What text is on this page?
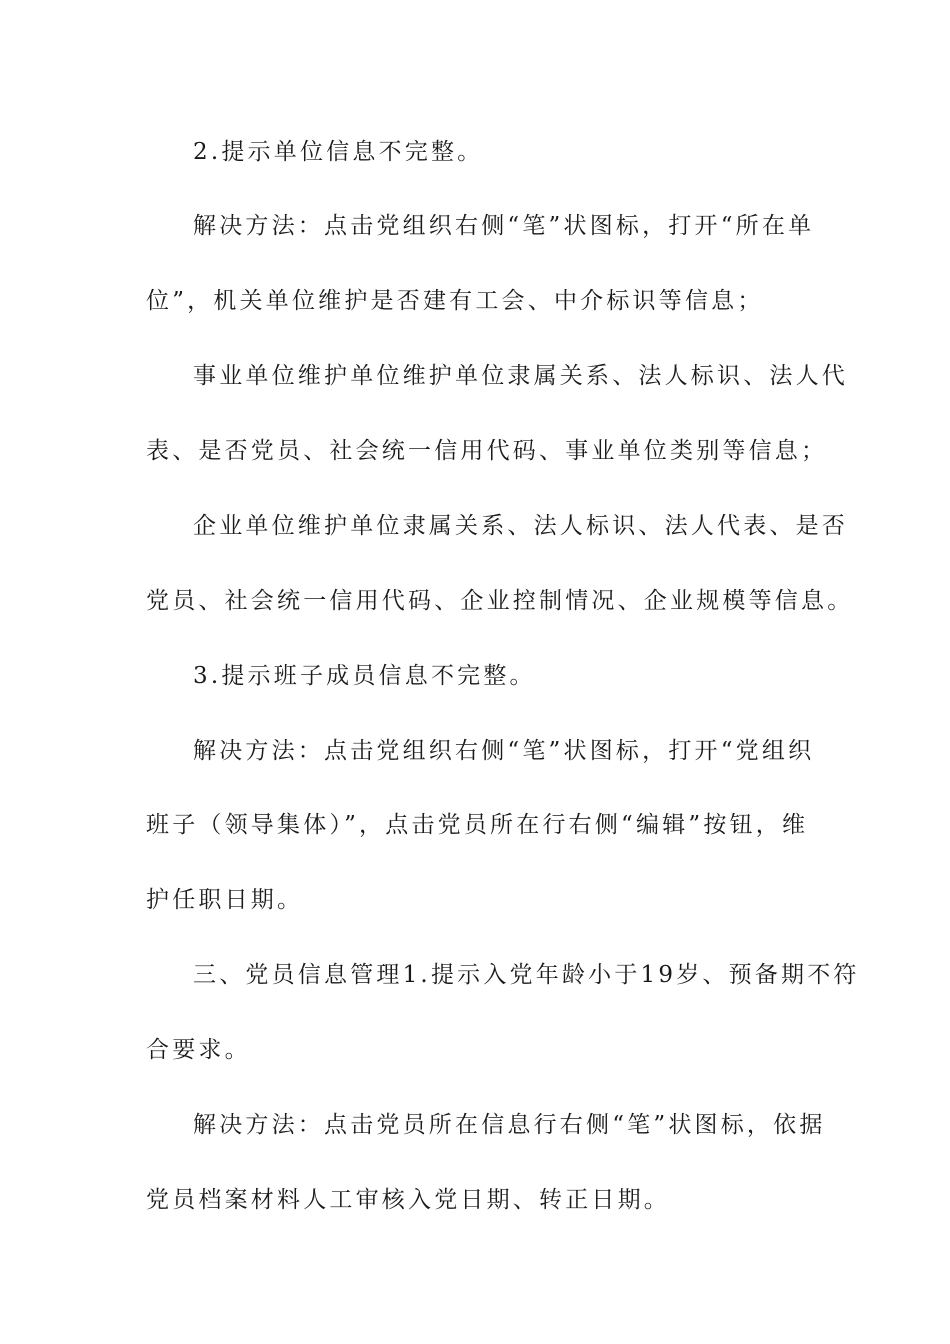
2.提示单位信息不完整。
解决方法：点击党组织右侧“笔”状图标，打开“所在单
位”，机关单位维护是否建有工会、中介标识等信息；
事业单位维护单位维护单位隶属关系、法人标识、法人代
表、是否党员、社会统一信用代码、事业单位类别等信息；
企业单位维护单位隶属关系、法人标识、法人代表、是否
党员、社会统一信用代码、企业控制情况、企业规模等信息。
3.提示班子成员信息不完整。
解决方法：点击党组织右侧“笔”状图标，打开“党组织
班子（领导集体）”，点击党员所在行右侧“编辑”按钮，维
护任职日期。
三、党员信息管理1.提示入党年龄小于19岁、预备期不符
合要求。
解决方法：点击党员所在信息行右侧“笔”状图标，依据
党员档案材料人工审核入党日期、转正日期。
